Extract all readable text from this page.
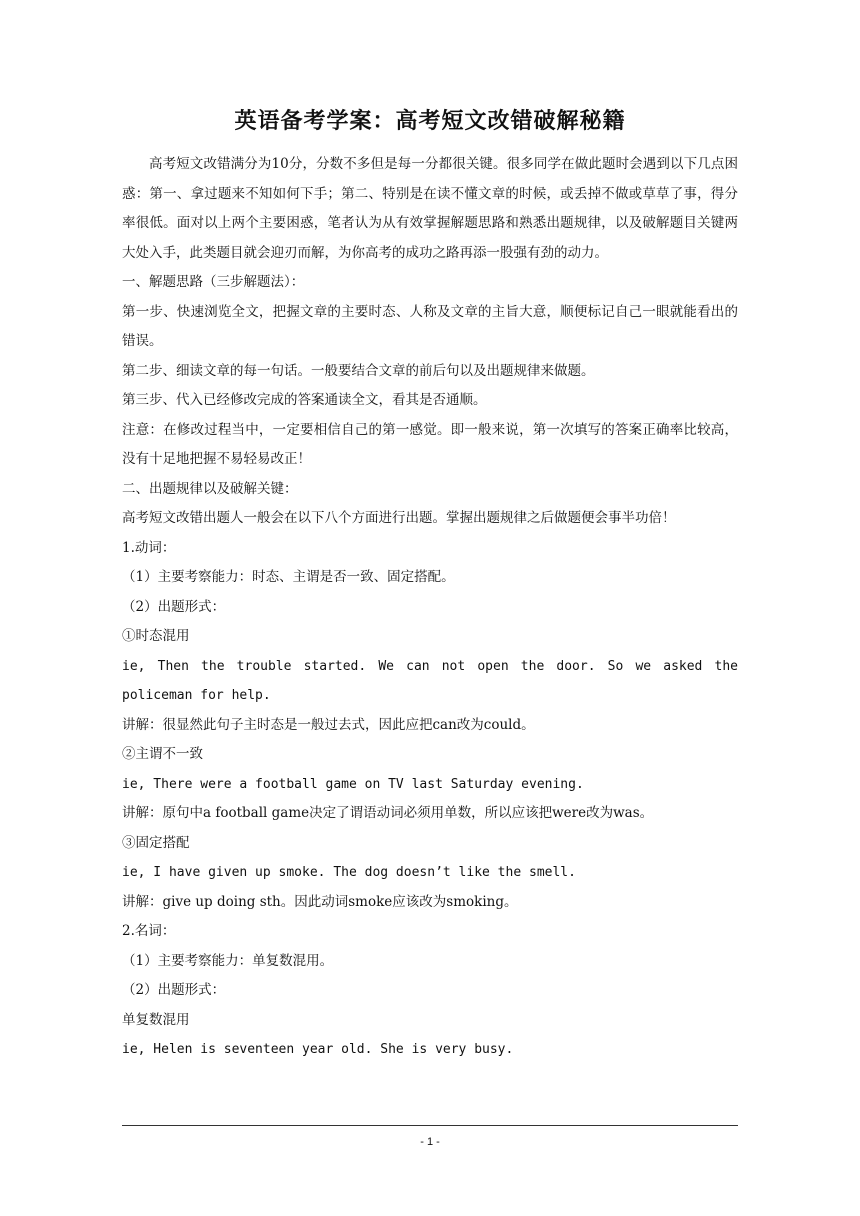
英语备考学案：高考短文改错破解秘籍

高考短文改错满分为10分，分数不多但是每一分都很关键。很多同学在做此题时会遇到以下几点困惑：第一、拿过题来不知如何下手；第二、特别是在读不懂文章的时候，或丢掉不做或草草了事，得分率很低。面对以上两个主要困惑，笔者认为从有效掌握解题思路和熟悉出题规律，以及破解题目关键两大处入手，此类题目就会迎刃而解，为你高考的成功之路再添一股强有劲的动力。

一、解题思路（三步解题法）：

第一步、快速浏览全文，把握文章的主要时态、人称及文章的主旨大意，顺便标记自己一眼就能看出的错误。

第二步、细读文章的每一句话。一般要结合文章的前后句以及出题规律来做题。

第三步、代入已经修改完成的答案通读全文，看其是否通顺。

注意：在修改过程当中，一定要相信自己的第一感觉。即一般来说，第一次填写的答案正确率比较高，没有十足地把握不易轻易改正！

二、出题规律以及破解关键：

高考短文改错出题人一般会在以下八个方面进行出题。掌握出题规律之后做题便会事半功倍！

1.动词：

（1）主要考察能力：时态、主谓是否一致、固定搭配。

（2）出题形式：

①时态混用

ie, Then the trouble started. We can not open the door. So we asked the policeman for help.

讲解：很显然此句子主时态是一般过去式，因此应把can改为could。

②主谓不一致

ie, There were a football game on TV last Saturday evening.

讲解：原句中a football game决定了谓语动词必须用单数，所以应该把were改为was。

③固定搭配

ie, I have given up smoke. The dog doesn’t like the smell.

讲解：give up doing sth。因此动词smoke应该改为smoking。

2.名词：

（1）主要考察能力：单复数混用。

（2）出题形式：

单复数混用

ie, Helen is seventeen year old. She is very busy.

- 1 -
